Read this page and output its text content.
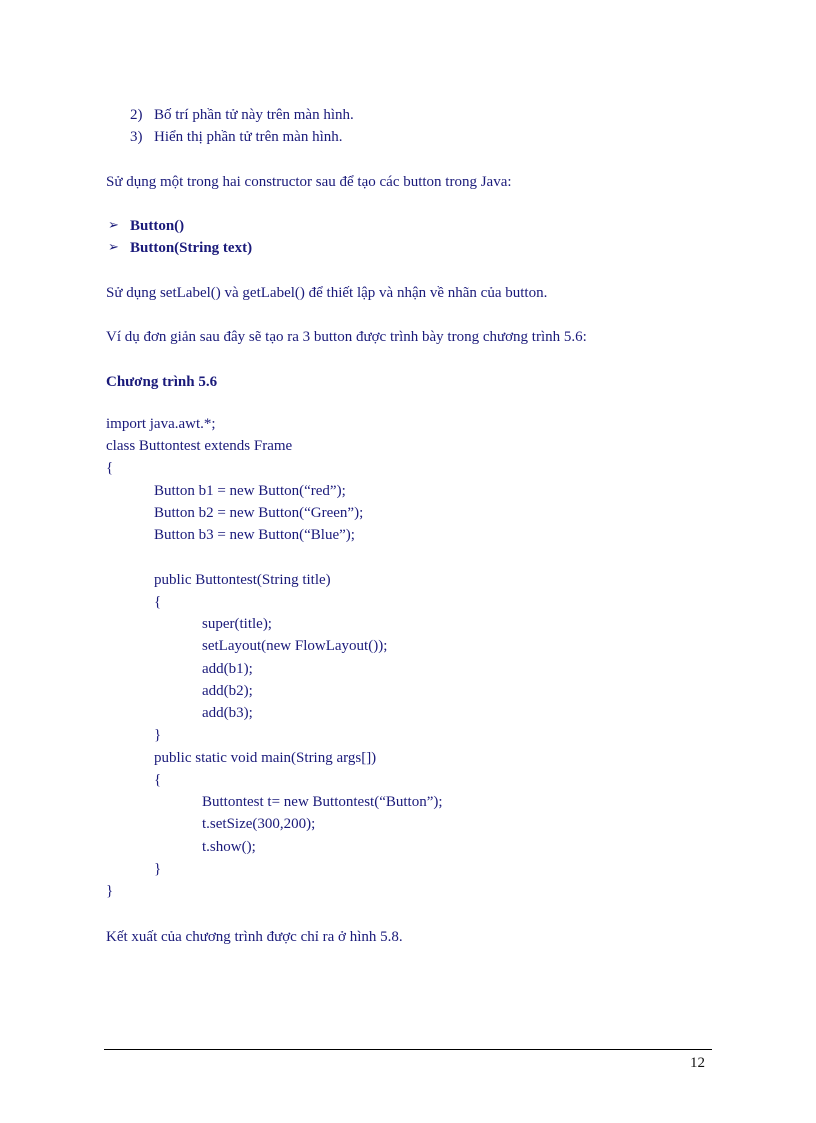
2) Bố trí phần tử này trên màn hình.
3) Hiển thị phần tử trên màn hình.
Sử dụng một trong hai constructor sau để tạo các button trong Java:
➢ Button()
➢ Button(String text)
Sử dụng setLabel() và getLabel() để thiết lập và nhận về nhãn của button.
Ví dụ đơn giản sau đây sẽ tạo ra 3 button được trình bày trong chương trình 5.6:
Chương trình 5.6
import java.awt.*;
class Buttontest extends Frame
{
Button b1 = new Button(“red”);
Button b2 = new Button(“Green”);
Button b3 = new Button(“Blue”);
public Buttontest(String title)
{
super(title);
setLayout(new FlowLayout());
add(b1);
add(b2);
add(b3);
}
public static void main(String args[])
{
Buttontest t= new Buttontest(“Button”);
t.setSize(300,200);
t.show();
}
}
Kết xuất của chương trình được chỉ ra ở hình 5.8.
12
